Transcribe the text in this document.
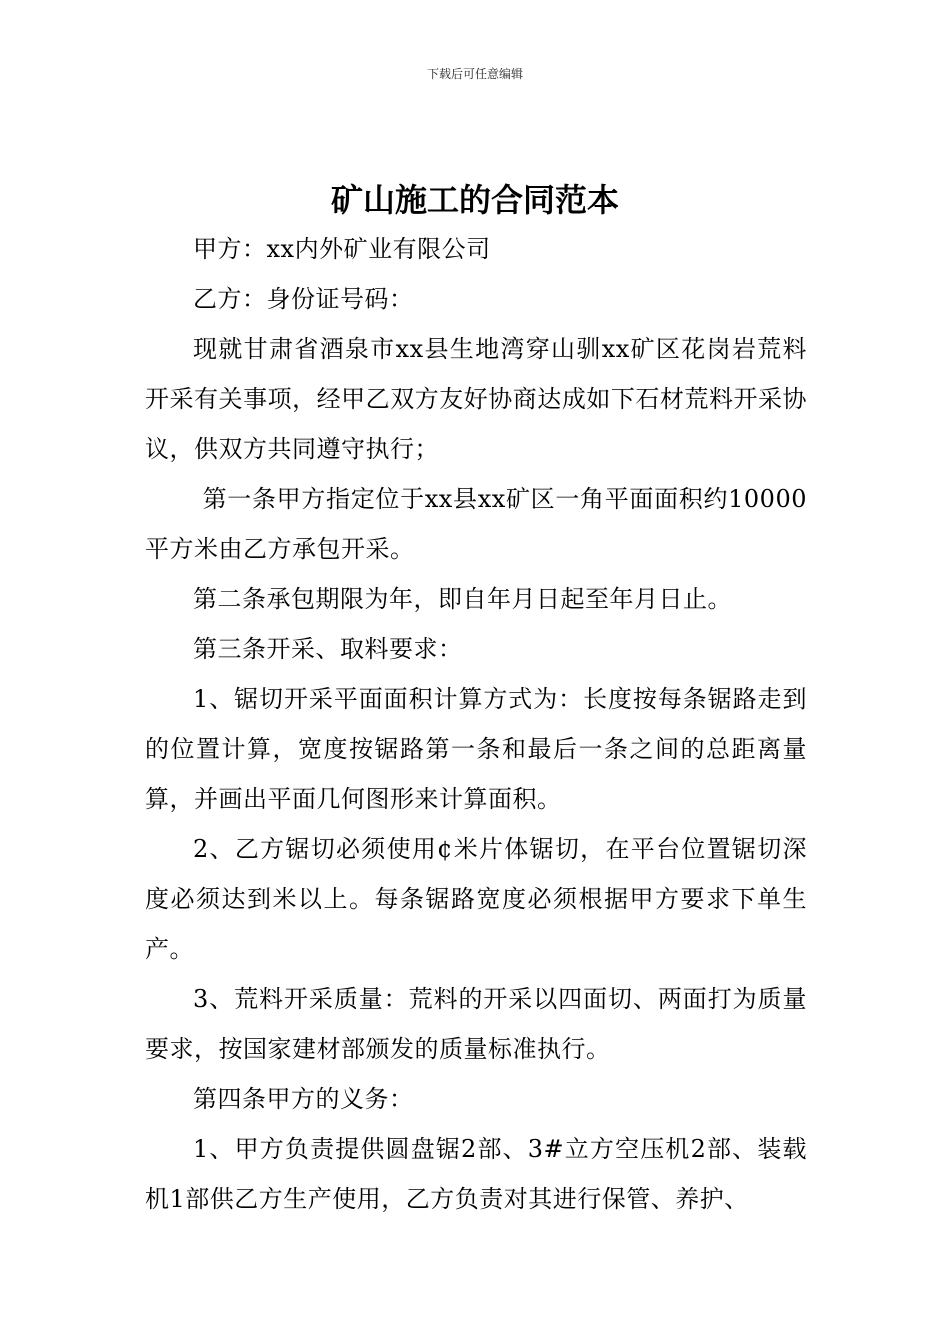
下载后可任意编辑
矿山施工的合同范本

甲方：xx内外矿业有限公司

乙方：身份证号码：

现就甘肃省酒泉市xx县生地湾穿山驯xx矿区花岗岩荒料开采有关事项，经甲乙双方友好协商达成如下石材荒料开采协议，供双方共同遵守执行；

第一条甲方指定位于xx县xx矿区一角平面面积约10000平方米由乙方承包开采。

第二条承包期限为年，即自年月日起至年月日止。

第三条开采、取料要求：

1、锯切开采平面面积计算方式为：长度按每条锯路走到的位置计算，宽度按锯路第一条和最后一条之间的总距离量算，并画出平面几何图形来计算面积。

2、乙方锯切必须使用¢米片体锯切，在平台位置锯切深度必须达到米以上。每条锯路宽度必须根据甲方要求下单生产。

3、荒料开采质量：荒料的开采以四面切、两面打为质量要求，按国家建材部颁发的质量标准执行。

第四条甲方的义务：

1、甲方负责提供圆盘锯2部、3#立方空压机2部、装载机1部供乙方生产使用，乙方负责对其进行保管、养护、
